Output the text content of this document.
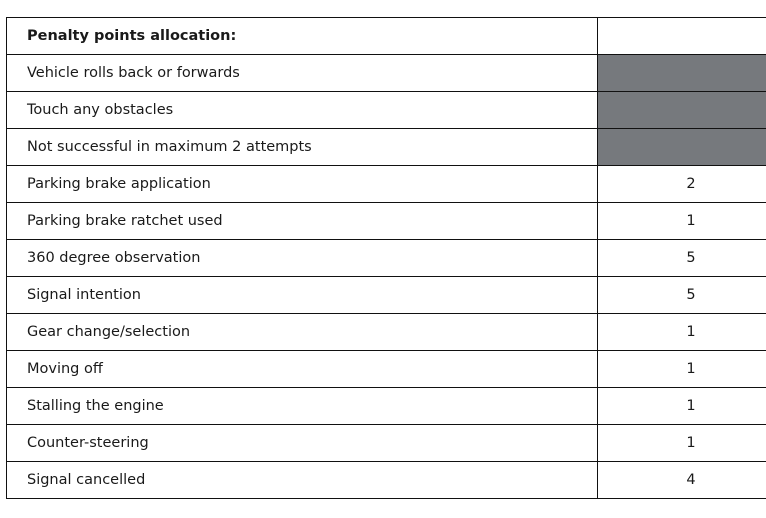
Penalty points allocation:	
Vehicle rolls back or forwards	
Touch any obstacles	
Not successful in maximum 2 attempts	
Parking brake application	2
Parking brake ratchet used	1
360 degree observation	5
Signal intention	5
Gear change/selection	1
Moving off	1
Stalling the engine	1
Counter-steering	1
Signal cancelled	4
